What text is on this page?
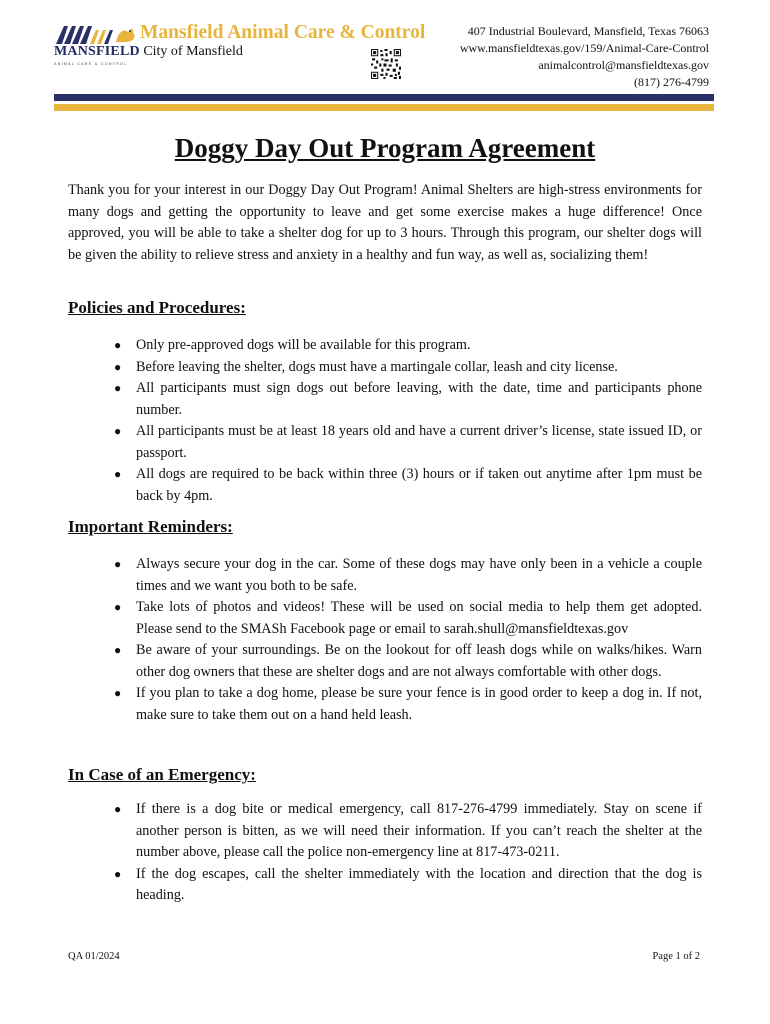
Mansfield Animal Care & Control
MANSFIELD City of Mansfield
ANIMAL CARE & CONTROL
407 Industrial Boulevard, Mansfield, Texas 76063
www.mansfieldtexas.gov/159/Animal-Care-Control
animalcontrol@mansfieldtexas.gov
(817) 276-4799
Doggy Day Out Program Agreement

Thank you for your interest in our Doggy Day Out Program! Animal Shelters are high-stress environments for many dogs and getting the opportunity to leave and get some exercise makes a huge difference! Once approved, you will be able to take a shelter dog for up to 3 hours. Through this program, our shelter dogs will be given the ability to relieve stress and anxiety in a healthy and fun way, as well as, socializing them!

Policies and Procedures:
● Only pre-approved dogs will be available for this program.
● Before leaving the shelter, dogs must have a martingale collar, leash and city license.
● All participants must sign dogs out before leaving, with the date, time and participants phone number.
● All participants must be at least 18 years old and have a current driver’s license, state issued ID, or passport.
● All dogs are required to be back within three (3) hours or if taken out anytime after 1pm must be back by 4pm.
Important Reminders:
● Always secure your dog in the car. Some of these dogs may have only been in a vehicle a couple times and we want you both to be safe.
● Take lots of photos and videos! These will be used on social media to help them get adopted. Please send to the SMASh Facebook page or email to sarah.shull@mansfieldtexas.gov
● Be aware of your surroundings. Be on the lookout for off leash dogs while on walks/hikes. Warn other dog owners that these are shelter dogs and are not always comfortable with other dogs.
● If you plan to take a dog home, please be sure your fence is in good order to keep a dog in. If not, make sure to take them out on a hand held leash.
In Case of an Emergency:
● If there is a dog bite or medical emergency, call 817-276-4799 immediately. Stay on scene if another person is bitten, as we will need their information. If you can’t reach the shelter at the number above, please call the police non-emergency line at 817-473-0211.
● If the dog escapes, call the shelter immediately with the location and direction that the dog is heading.
QA 01/2024	Page 1 of 2
